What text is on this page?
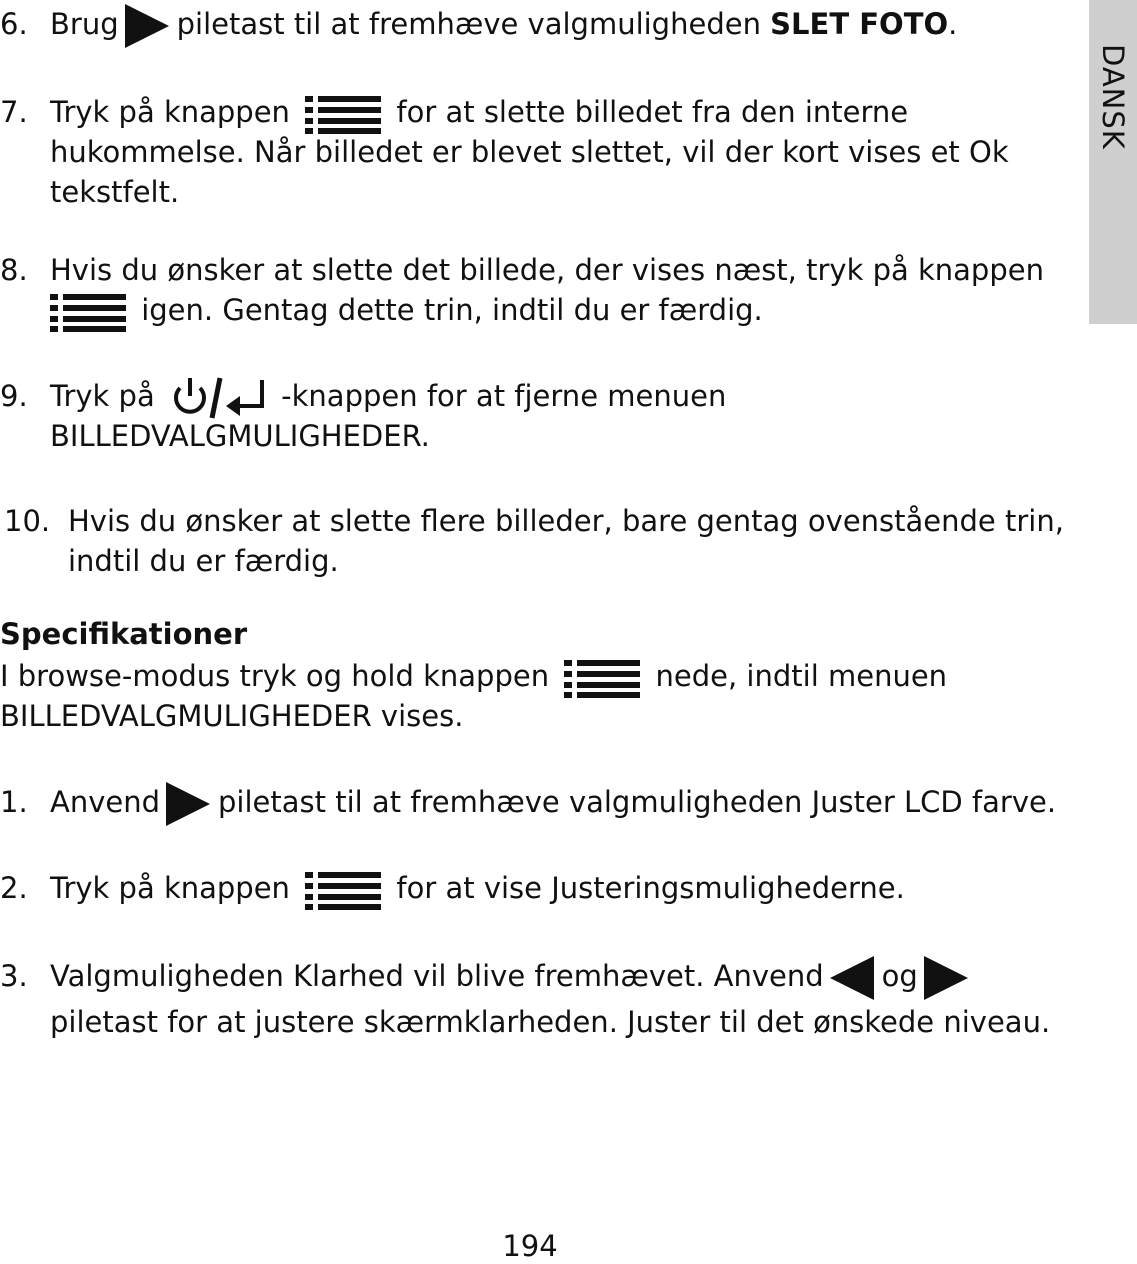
DANSK
6. Brug piletast til at fremhæve valgmuligheden SLET FOTO.
7. Tryk på knappen	for at slette billedet fra den interne
hukommelse. Når billedet er blevet slettet, vil der kort vises et Ok
tekstfelt.
8. Hvis du ønsker at slette det billede, der vises næst, tryk på knappen
igen. Gentag dette trin, indtil du er færdig.
9. Tryk på	-knappen for at fjerne menuen
BILLEDVALGMULIGHEDER.
10. Hvis du ønsker at slette flere billeder, bare gentag ovenstående trin,
indtil du er færdig.
Specifikationer
I browse-modus tryk og hold knappen	nede, indtil menuen
BILLEDVALGMULIGHEDER vises.
1. Anvend piletast til at fremhæve valgmuligheden Juster LCD farve.
2. Tryk på knappen	for at vise Justeringsmulighederne.
3. Valgmuligheden Klarhed vil blive fremhævet. Anvend og
piletast for at justere skærmklarheden. Juster til det ønskede niveau.
194
